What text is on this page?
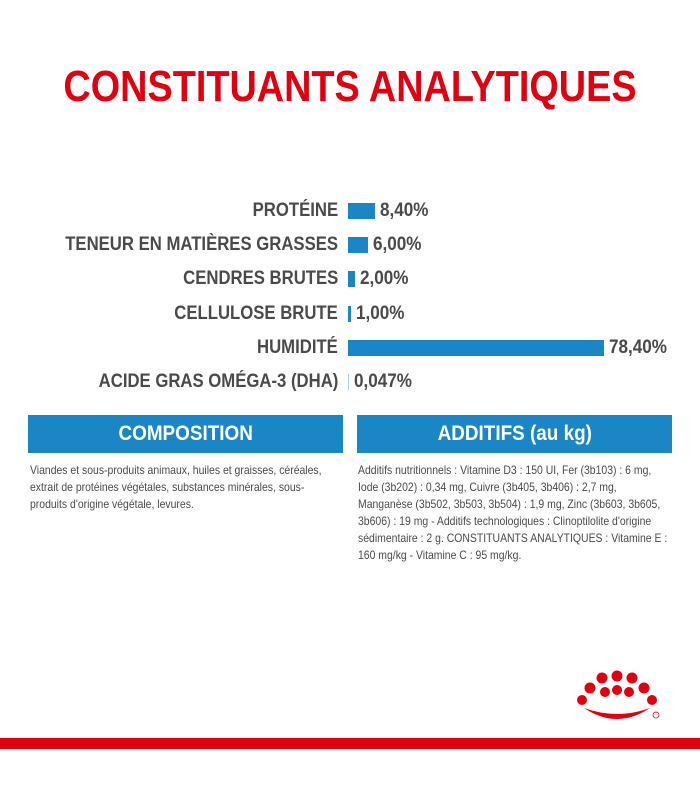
CONSTITUANTS ANALYTIQUES
PROTÉINE 8,40%
TENEUR EN MATIÈRES GRASSES 6,00%
CENDRES BRUTES 2,00%
CELLULOSE BRUTE 1,00%
HUMIDITÉ	78,40%
ACIDE GRAS OMÉGA-3 (DHA) 0,047%
COMPOSITION	ADDITIFS (au kg)

Viandes et sous-produits animaux, huiles et graisses, céréales, extrait de protéines végétales, substances minérales, sous-produits d'origine végétale, levures.

Additifs nutritionnels : Vitamine D3 : 150 UI, Fer (3b103) : 6 mg, Iode (3b202) : 0,34 mg, Cuivre (3b405, 3b406) : 2,7 mg, Manganèse (3b502, 3b503, 3b504) : 1,9 mg, Zinc (3b603, 3b605, 3b606) : 19 mg - Additifs technologiques : Clinoptilolite d'origine sédimentaire : 2 g. CONSTITUANTS ANALYTIQUES : Vitamine E : 160 mg/kg - Vitamine C : 95 mg/kg.
